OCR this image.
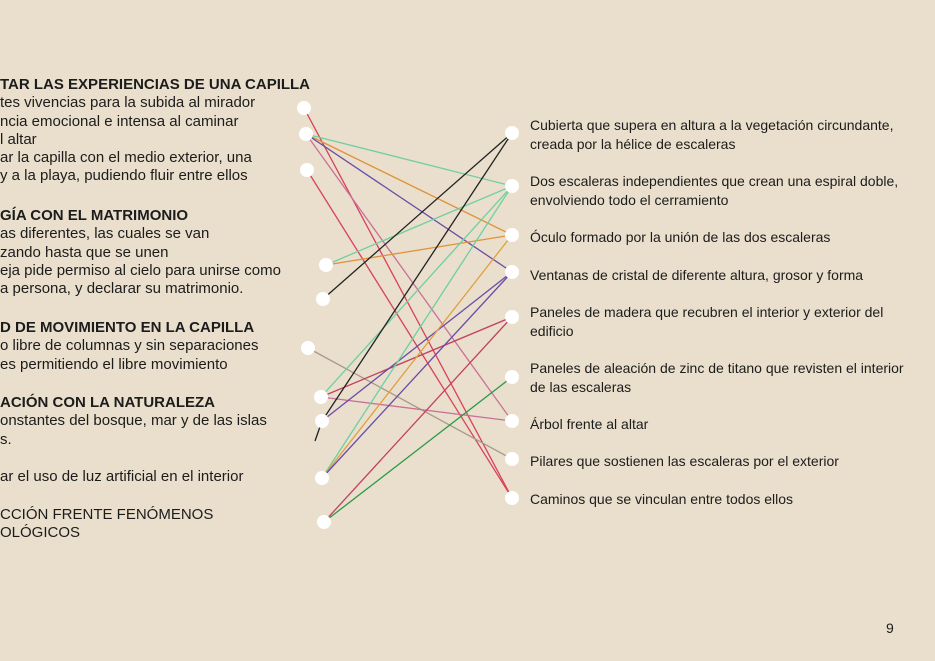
TAR LAS EXPERIENCIAS DE UNA CAPILLA
tes vivencias para la subida al mirador
ncia emocional e intensa al caminar
l altar
ar la capilla con el medio exterior, una
y a la playa, pudiendo fluir entre ellos
GÍA CON EL MATRIMONIO
as diferentes, las cuales se van
zando hasta que se unen
eja pide permiso al cielo para unirse como
a persona, y declarar su matrimonio.
D DE MOVIMIENTO EN LA CAPILLA
o libre de columnas y sin separaciones
es permitiendo el libre movimiento
ACIÓN CON LA NATURALEZA
onstantes del bosque, mar y de las islas
s.
ar el uso de luz artificial en el interior
CCIÓN FRENTE FENÓMENOS
OLÓGICOS
Cubierta que supera en altura a la vegetación circundante, creada por la hélice de escaleras
Dos escaleras independientes que crean una espiral doble, envolviendo todo el cerramiento
Óculo formado por la unión de las dos escaleras
Ventanas de cristal de diferente altura, grosor y forma
Paneles de madera que recubren el interior y exterior del edificio
Paneles de aleación de zinc de titano que revisten el interior de las escaleras
Árbol frente al altar
Pilares que sostienen las escaleras por el exterior
Caminos que se vinculan entre todos ellos
9
